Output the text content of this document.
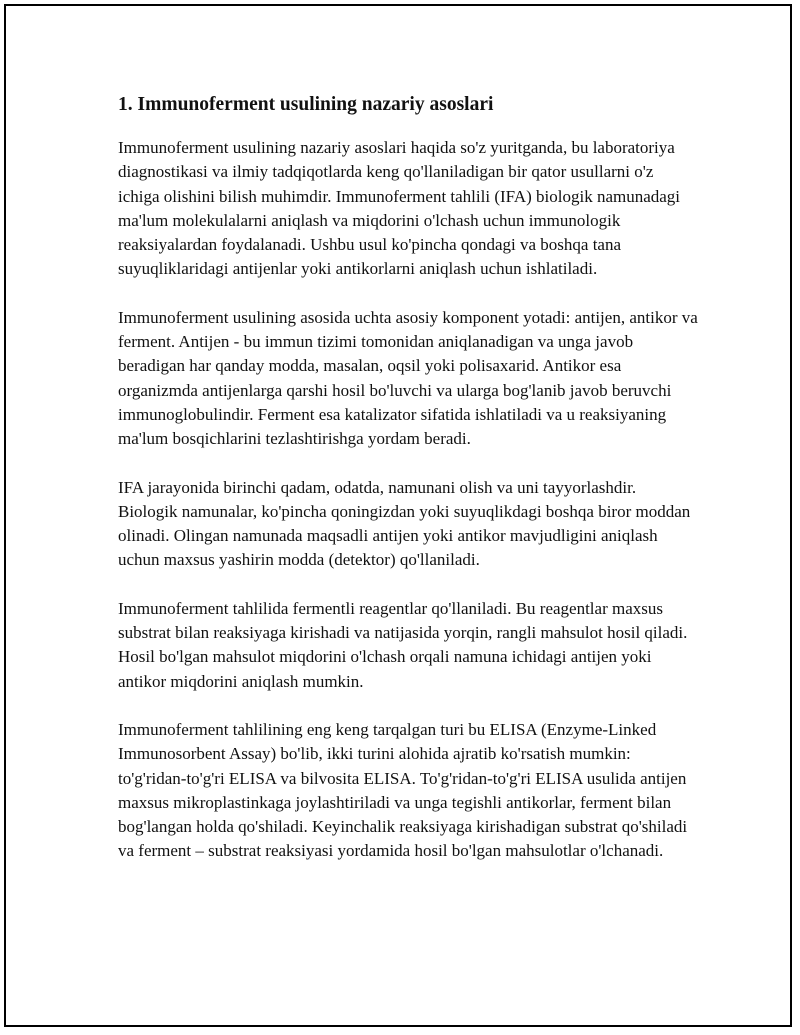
1. Immunoferment usulining nazariy asoslari

Immunoferment usulining nazariy asoslari haqida so'z yuritganda, bu laboratoriya diagnostikasi va ilmiy tadqiqotlarda keng qo'llaniladigan bir qator usullarni o'z ichiga olishini bilish muhimdir. Immunoferment tahlili (IFA) biologik namunadagi ma'lum molekulalarni aniqlash va miqdorini o'lchash uchun immunologik reaksiyalardan foydalanadi. Ushbu usul ko'pincha qondagi va boshqa tana suyuqliklaridagi antijenlar yoki antikorlarni aniqlash uchun ishlatiladi.

Immunoferment usulining asosida uchta asosiy komponent yotadi: antijen, antikor va ferment. Antijen - bu immun tizimi tomonidan aniqlanadigan va unga javob beradigan har qanday modda, masalan, oqsil yoki polisaxarid. Antikor esa organizmda antijenlarga qarshi hosil bo'luvchi va ularga bog'lanib javob beruvchi immunoglobulindir. Ferment esa katalizator sifatida ishlatiladi va u reaksiyaning ma'lum bosqichlarini tezlashtirishga yordam beradi.

IFA jarayonida birinchi qadam, odatda, namunani olish va uni tayyorlashdir. Biologik namunalar, ko'pincha qoningizdan yoki suyuqlikdagi boshqa biror moddan olinadi. Olingan namunada maqsadli antijen yoki antikor mavjudligini aniqlash uchun maxsus yashirin modda (detektor) qo'llaniladi.

Immunoferment tahlilida fermentli reagentlar qo'llaniladi. Bu reagentlar maxsus substrat bilan reaksiyaga kirishadi va natijasida yorqin, rangli mahsulot hosil qiladi. Hosil bo'lgan mahsulot miqdorini o'lchash orqali namuna ichidagi antijen yoki antikor miqdorini aniqlash mumkin.

Immunoferment tahlilining eng keng tarqalgan turi bu ELISA (Enzyme-Linked Immunosorbent Assay) bo'lib, ikki turini alohida ajratib ko'rsatish mumkin: to'g'ridan-to'g'ri ELISA va bilvosita ELISA. To'g'ridan-to'g'ri ELISA usulida antijen maxsus mikroplastinkaga joylashtiriladi va unga tegishli antikorlar, ferment bilan bog'langan holda qo'shiladi. Keyinchalik reaksiyaga kirishadigan substrat qo'shiladi va ferment – substrat reaksiyasi yordamida hosil bo'lgan mahsulotlar o'lchanadi.
